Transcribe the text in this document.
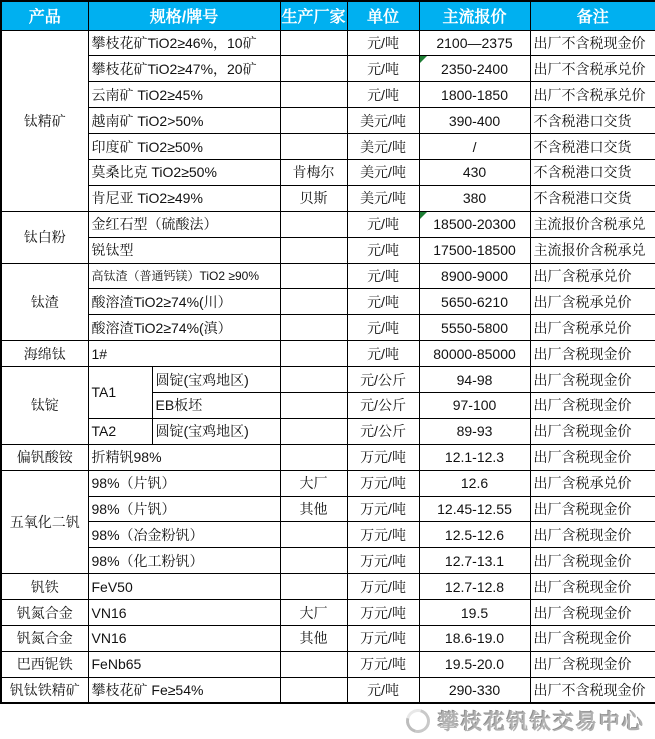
产品	规格/牌号		生产厂家	单位	主流报价	备注
钛精矿	攀枝花矿TiO2≥46%，10矿			元/吨	2100—2375	出厂不含税现金价
	攀枝花矿TiO2≥47%，20矿			元/吨	2350-2400	出厂不含税承兑价
	云南矿 TiO2≥45%			元/吨	1800-1850	出厂不含税承兑价
	越南矿 TiO2>50%			美元/吨	390-400	不含税港口交货
	印度矿 TiO2≥50%			美元/吨	/	不含税港口交货
	莫桑比克 TiO2≥50%		肯梅尔	美元/吨	430	不含税港口交货
	肯尼亚 TiO2≥49%		贝斯	美元/吨	380	不含税港口交货
钛白粉	金红石型（硫酸法）			元/吨	18500-20300	主流报价含税承兑
	锐钛型			元/吨	17500-18500	主流报价含税承兑
钛渣	高钛渣（普通钙镁）TiO2 ≥90%			元/吨	8900-9000	出厂含税承兑价
	酸溶渣TiO2≥74%(川）			元/吨	5650-6210	出厂含税承兑价
	酸溶渣TiO2≥74%(滇）			元/吨	5550-5800	出厂含税承兑价
海绵钛	1#			元/吨	80000-85000	出厂含税现金价
钛锭	TA1	圆锭(宝鸡地区)		元/公斤	94-98	出厂含税现金价
		EB板坯		元/公斤	97-100	出厂含税现金价
	TA2	圆锭(宝鸡地区)		元/公斤	89-93	出厂含税现金价
偏钒酸铵	折精钒98%			万元/吨	12.1-12.3	出厂含税现金价
五氧化二钒	98%（片钒）		大厂	万元/吨	12.6	出厂含税承兑价
	98%（片钒）		其他	万元/吨	12.45-12.55	出厂含税现金价
	98%（冶金粉钒）			万元/吨	12.5-12.6	出厂含税现金价
	98%（化工粉钒）			万元/吨	12.7-13.1	出厂含税现金价
钒铁	FeV50			万元/吨	12.7-12.8	出厂含税现金价
钒氮合金	VN16		大厂	万元/吨	19.5	出厂含税现金价
钒氮合金	VN16		其他	万元/吨	18.6-19.0	出厂含税现金价
巴西铌铁	FeNb65			万元/吨	19.5-20.0	出厂含税现金价
钒钛铁精矿	攀枝花矿 Fe≥54%			元/吨	290-330	出厂不含税现金价
攀枝花钒钛交易中心
